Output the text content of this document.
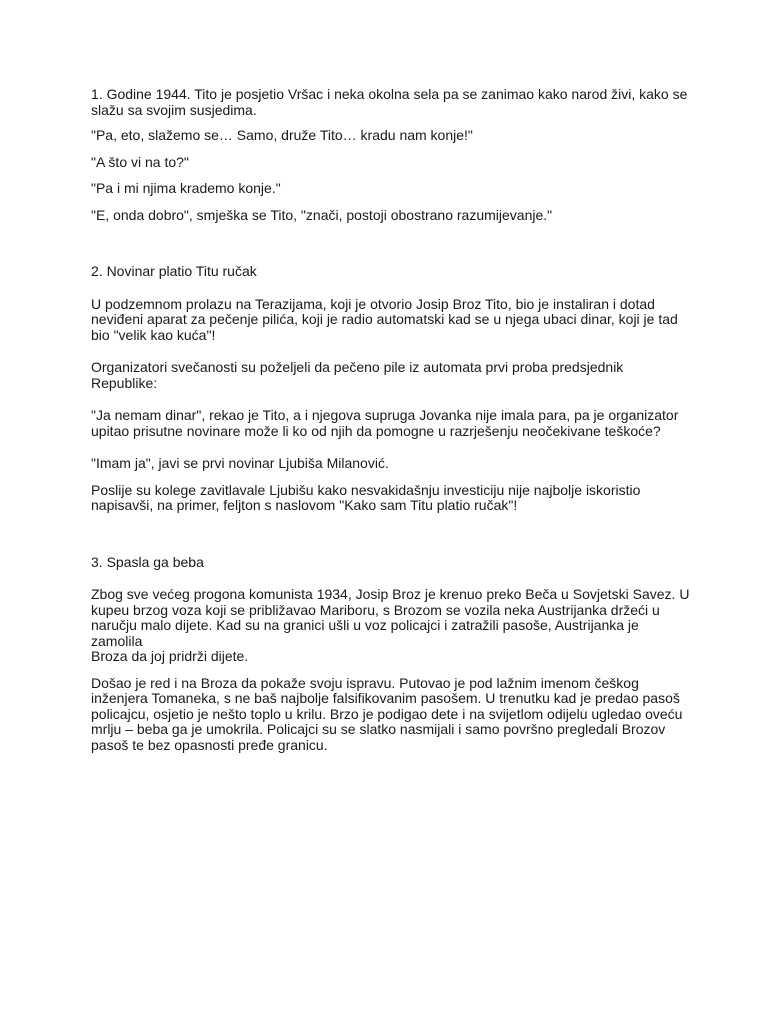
1. Godine 1944. Tito je posjetio Vršac i neka okolna sela pa se zanimao kako narod živi, kako se
slažu sa svojim susjedima.

"Pa, eto, slažemo se… Samo, druže Tito… kradu nam konje!"

"A što vi na to?"

"Pa i mi njima krademo konje."

"E, onda dobro", smješka se Tito, "znači, postoji obostrano razumijevanje."

2. Novinar platio Titu ručak

U podzemnom prolazu na Terazijama, koji je otvorio Josip Broz Tito, bio je instaliran i dotad
neviđeni aparat za pečenje pilića, koji je radio automatski kad se u njega ubaci dinar, koji je tad
bio "velik kao kuća"!

Organizatori svečanosti su poželjeli da pečeno pile iz automata prvi proba predsjednik Republike:

"Ja nemam dinar", rekao je Tito, a i njegova supruga Jovanka nije imala para, pa je organizator
upitao prisutne novinare može li ko od njih da pomogne u razrješenju neočekivane teškoće?

"Imam ja", javi se prvi novinar Ljubiša Milanović.

Poslije su kolege zavitlavale Ljubišu kako nesvakidašnju investiciju nije najbolje iskoristio
napisavši, na primer, feljton s naslovom "Kako sam Titu platio ručak"!

3. Spasla ga beba

Zbog sve većeg progona komunista 1934, Josip Broz je krenuo preko Beča u Sovjetski Savez. U
kupeu brzog voza koji se približavao Mariboru, s Brozom se vozila neka Austrijanka držeći u
naručju malo dijete. Kad su na granici ušli u voz policajci i zatražili pasoše, Austrijanka je zamolila
Broza da joj pridrži dijete.

Došao je red i na Broza da pokaže svoju ispravu. Putovao je pod lažnim imenom češkog
inženjera Tomaneka, s ne baš najbolje falsifikovanim pasošem. U trenutku kad je predao pasoš
policajcu, osjetio je nešto toplo u krilu. Brzo je podigao dete i na svijetlom odijelu ugledao oveću
mrlju – beba ga je umokrila. Policajci su se slatko nasmijali i samo površno pregledali Brozov
pasoš te bez opasnosti pređe granicu.
